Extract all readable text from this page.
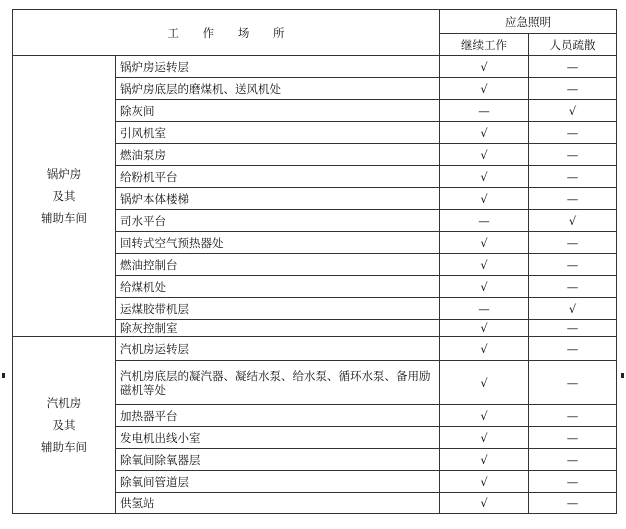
工 作 场 所		应急照明	
		继续工作	人员疏散
锅炉房
及其
辅助车间	锅炉房运转层	√	—
	锅炉房底层的磨煤机、送风机处	√	—
	除灰间	—	√
	引风机室	√	—
	燃油泵房	√	—
	给粉机平台	√	—
	锅炉本体楼梯	√	—
	司水平台	—	√
	回转式空气预热器处	√	—
	燃油控制台	√	—
	给煤机处	√	—
	运煤胶带机层	—	√
	除灰控制室	√	—
汽机房
及其
辅助车间	汽机房运转层	√	—
	汽机房底层的凝汽器、凝结水泵、给水泵、循环水泵、备用励磁机等处	√	—
	加热器平台	√	—
	发电机出线小室	√	—
	除氧间除氧器层	√	—
	除氧间管道层	√	—
	供氢站	√	—
